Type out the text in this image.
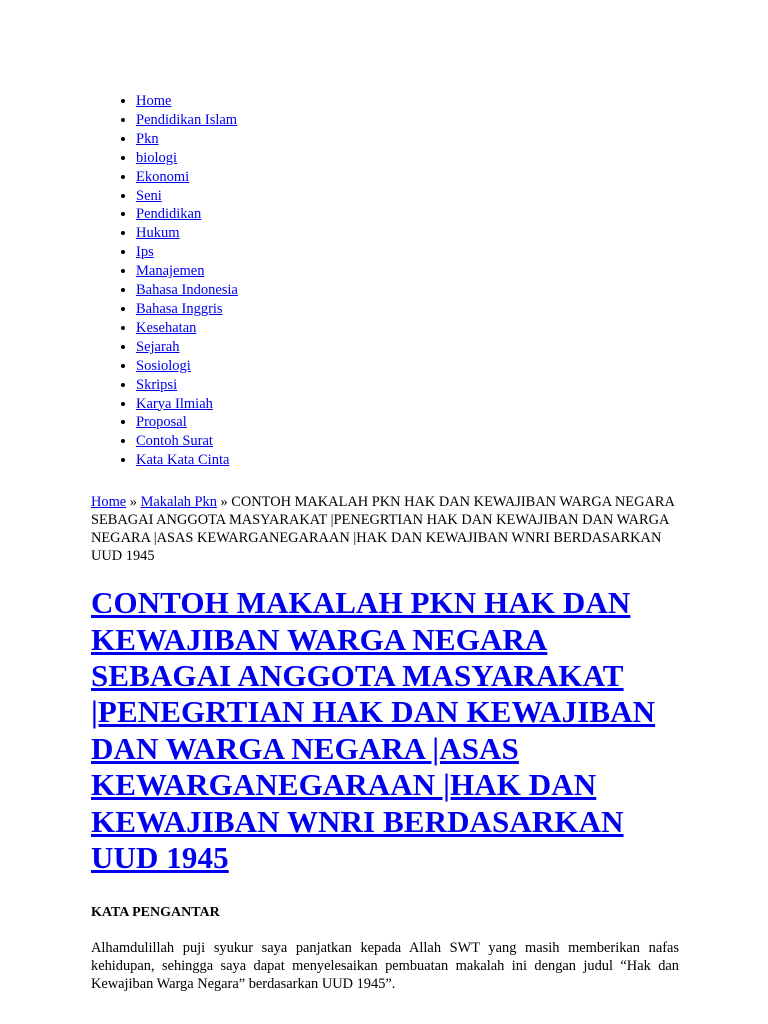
• Home
• Pendidikan Islam
• Pkn
• biologi
• Ekonomi
• Seni
• Pendidikan
• Hukum
• Ips
• Manajemen
• Bahasa Indonesia
• Bahasa Inggris
• Kesehatan
• Sejarah
• Sosiologi
• Skripsi
• Karya Ilmiah
• Proposal
• Contoh Surat
• Kata Kata Cinta
Home » Makalah Pkn » CONTOH MAKALAH PKN HAK DAN KEWAJIBAN WARGA NEGARA SEBAGAI ANGGOTA MASYARAKAT |PENEGRTIAN HAK DAN KEWAJIBAN DAN WARGA NEGARA |ASAS KEWARGANEGARAAN |HAK DAN KEWAJIBAN WNRI BERDASARKAN UUD 1945
CONTOH MAKALAH PKN HAK DAN KEWAJIBAN WARGA NEGARA SEBAGAI ANGGOTA MASYARAKAT |PENEGRTIAN HAK DAN KEWAJIBAN DAN WARGA NEGARA |ASAS KEWARGANEGARAAN |HAK DAN KEWAJIBAN WNRI BERDASARKAN UUD 1945
KATA PENGANTAR

Alhamdulillah puji syukur saya panjatkan kepada Allah SWT yang masih memberikan nafas kehidupan, sehingga saya dapat menyelesaikan pembuatan makalah ini dengan judul “Hak dan Kewajiban Warga Negara” berdasarkan UUD 1945”.
